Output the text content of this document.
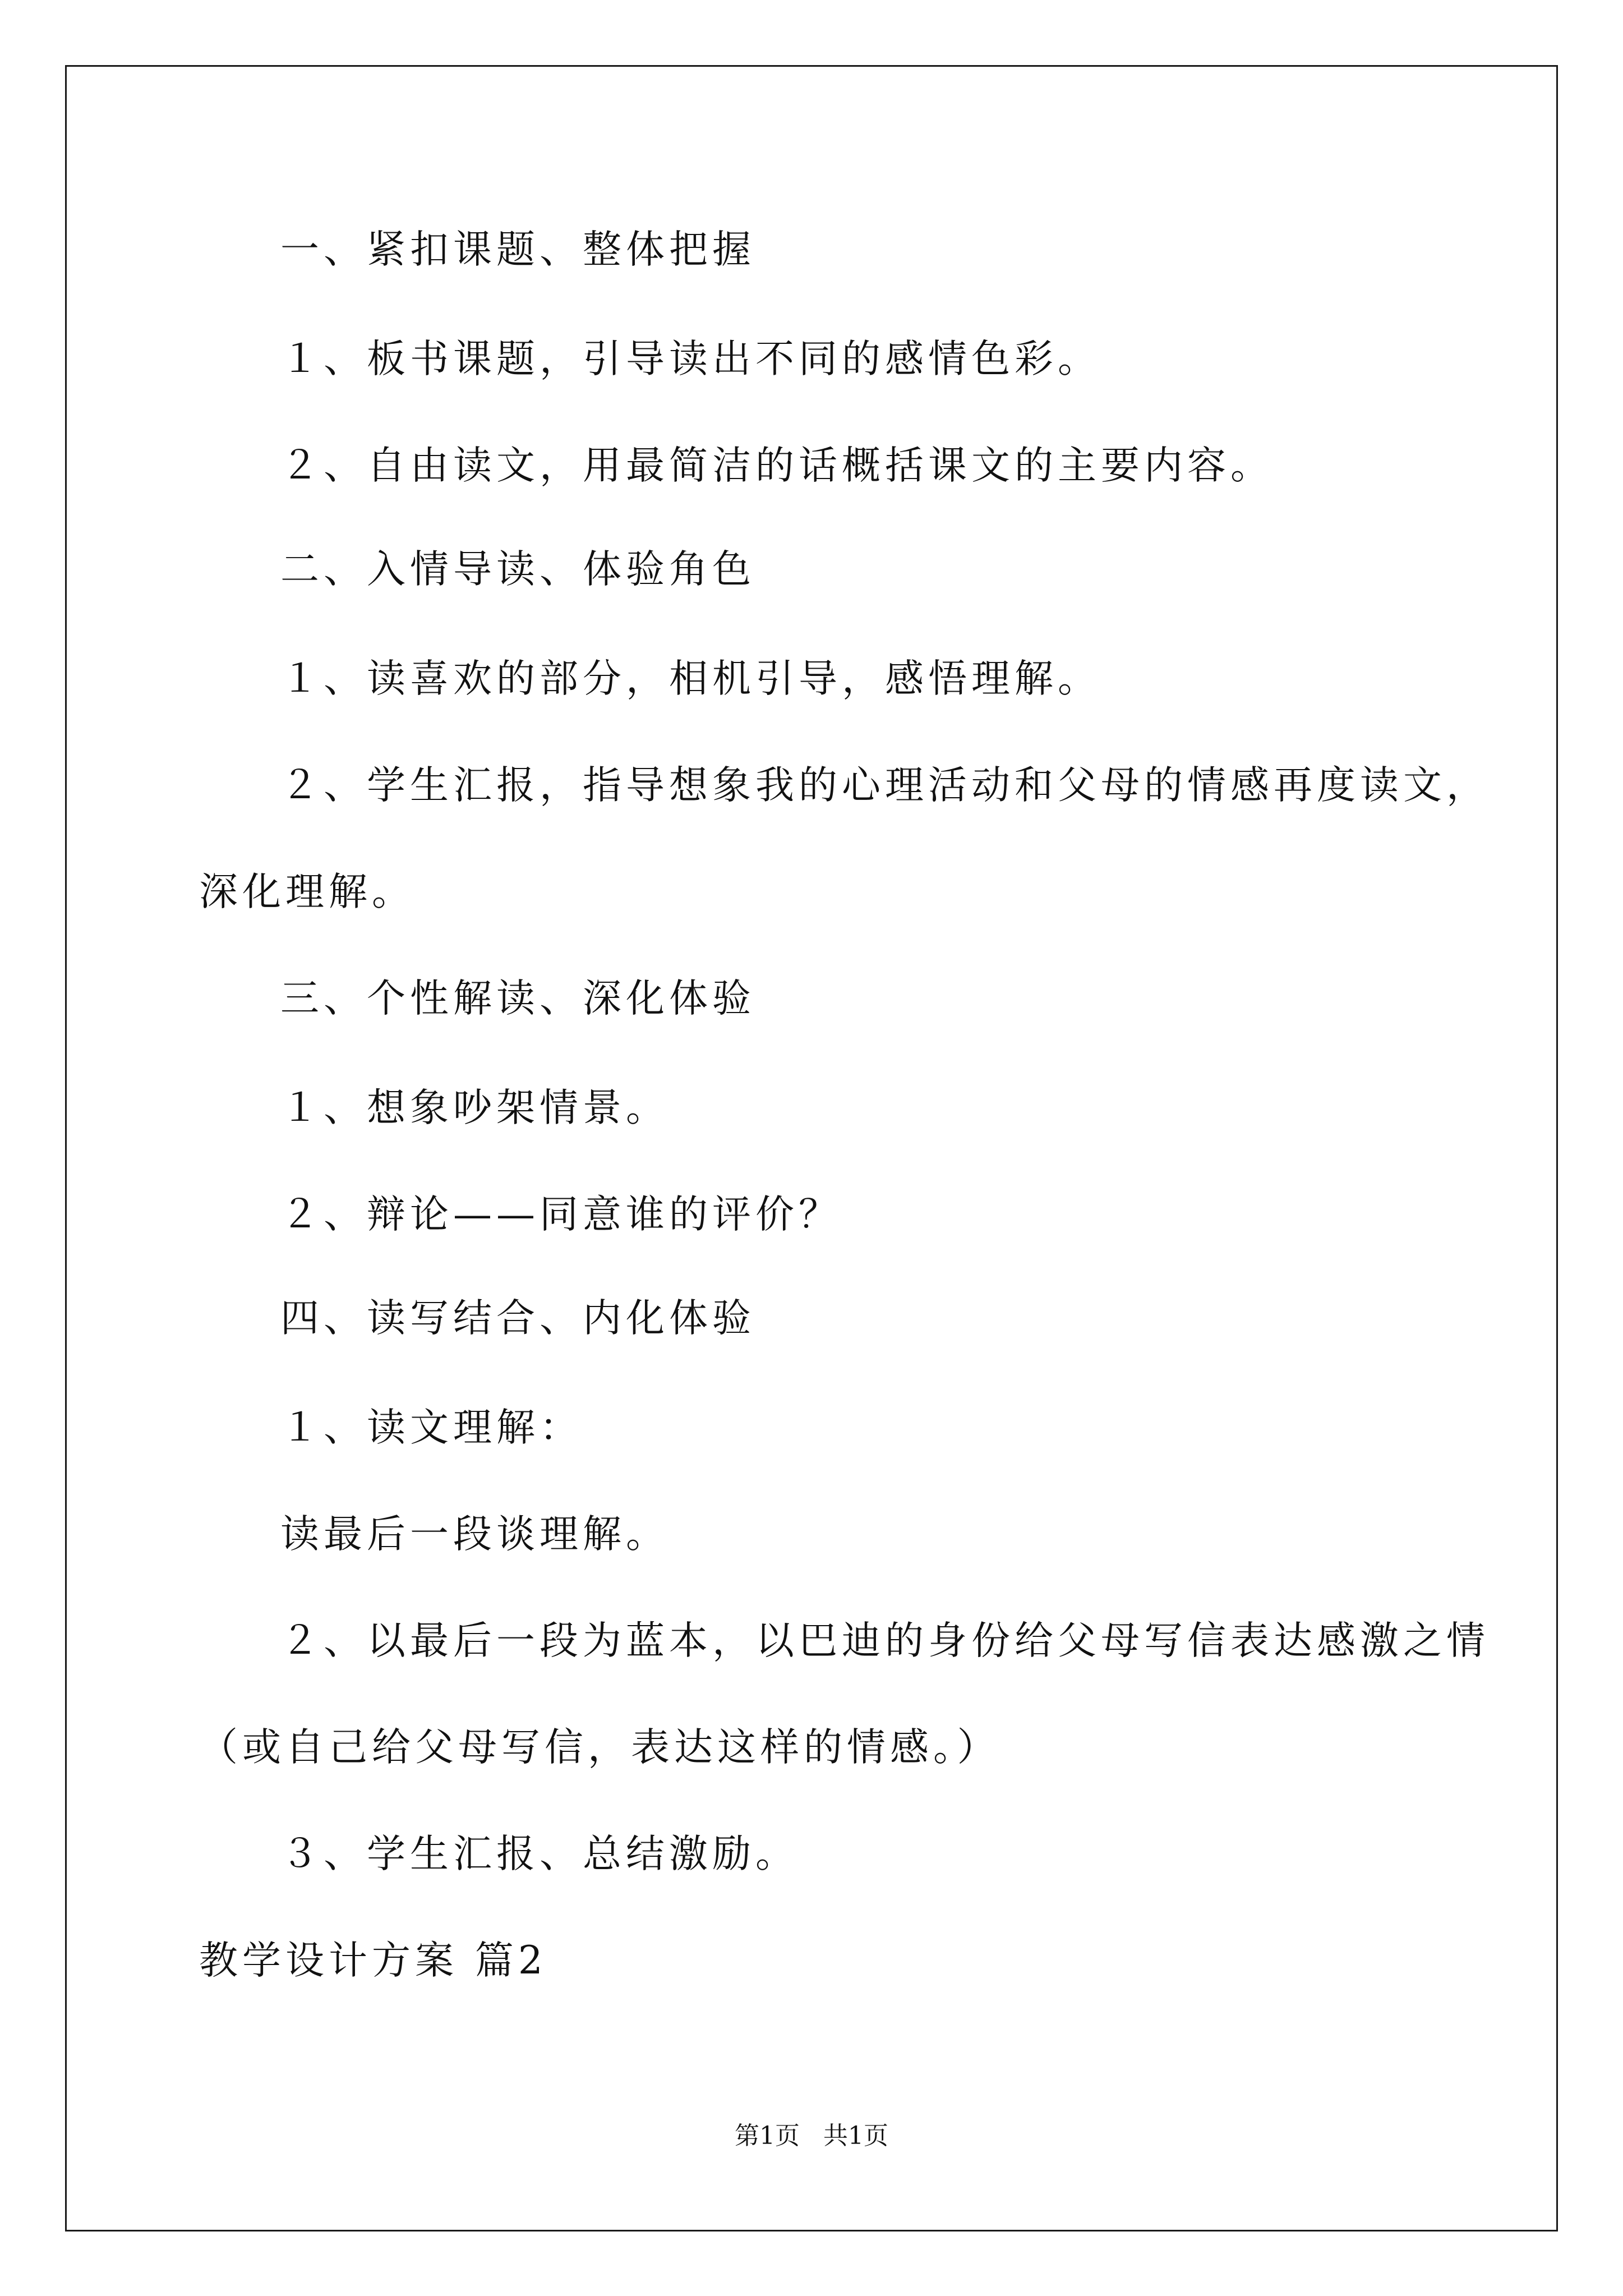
一、紧扣课题、整体把握

１、板书课题，引导读出不同的感情色彩。

２、自由读文，用最简洁的话概括课文的主要内容。

二、入情导读、体验角色

１、读喜欢的部分，相机引导，感悟理解。

２、学生汇报，指导想象我的心理活动和父母的情感再度读文，

深化理解。

三、个性解读、深化体验

１、想象吵架情景。

２、辩论——同意谁的评价？

四、读写结合、内化体验

１、读文理解：

读最后一段谈理解。

２、以最后一段为蓝本，以巴迪的身份给父母写信表达感激之情

（或自己给父母写信，表达这样的情感。）

３、学生汇报、总结激励。

教学设计方案 篇2

第1页   共1页
